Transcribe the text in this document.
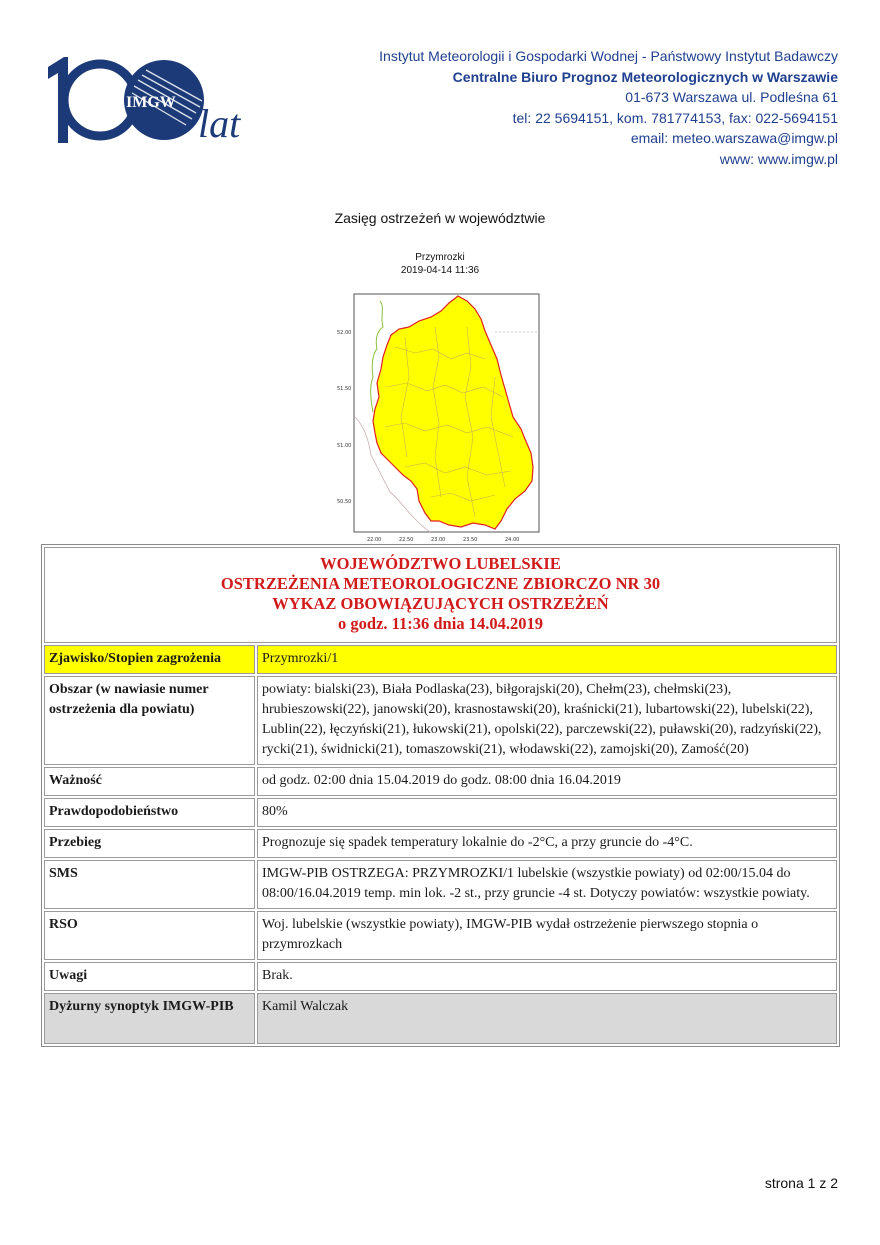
IMGW lat
Instytut Meteorologii i Gospodarki Wodnej - Państwowy Instytut Badawczy
Centralne Biuro Prognoz Meteorologicznych w Warszawie
01-673 Warszawa ul. Podleśna 61
tel: 22 5694151, kom. 781774153, fax: 022-5694151
email: meteo.warszawa@imgw.pl
www: www.imgw.pl
Zasięg ostrzeżeń w województwie
Przymrozki
2019-04-14 11:36
52.00
51.50
51.00
50.50
22.00	22.50	23.00	23.50	24.00
WOJEWÓDZTWO LUBELSKIE
OSTRZEŻENIA METEOROLOGICZNE ZBIORCZO NR 30
WYKAZ OBOWIĄZUJĄCYCH OSTRZEŻEŃ
o godz. 11:36 dnia 14.04.2019	

Zjawisko/Stopien zagrożenia	Przymrozki/1
Obszar (w nawiasie numer ostrzeżenia dla powiatu)	powiaty: bialski(23), Biała Podlaska(23), biłgorajski(20), Chełm(23), chełmski(23), hrubieszowski(22), janowski(20), krasnostawski(20), kraśnicki(21), lubartowski(22), lubelski(22), Lublin(22), łęczyński(21), łukowski(21), opolski(22), parczewski(22), puławski(20), radzyński(22), rycki(21), świdnicki(21), tomaszowski(21), włodawski(22), zamojski(20), Zamość(20)
Ważność	od godz. 02:00 dnia 15.04.2019 do godz. 08:00 dnia 16.04.2019
Prawdopodobieństwo	80%
Przebieg	Prognozuje się spadek temperatury lokalnie do -2°C, a przy gruncie do -4°C.
SMS	IMGW-PIB OSTRZEGA: PRZYMROZKI/1 lubelskie (wszystkie powiaty) od 02:00/15.04 do 08:00/16.04.2019 temp. min lok. -2 st., przy gruncie -4 st. Dotyczy powiatów: wszystkie powiaty.
RSO	Woj. lubelskie (wszystkie powiaty), IMGW-PIB wydał ostrzeżenie pierwszego stopnia o przymrozkach
Uwagi	Brak.
Dyżurny synoptyk IMGW-PIB	Kamil Walczak
strona 1 z 2
